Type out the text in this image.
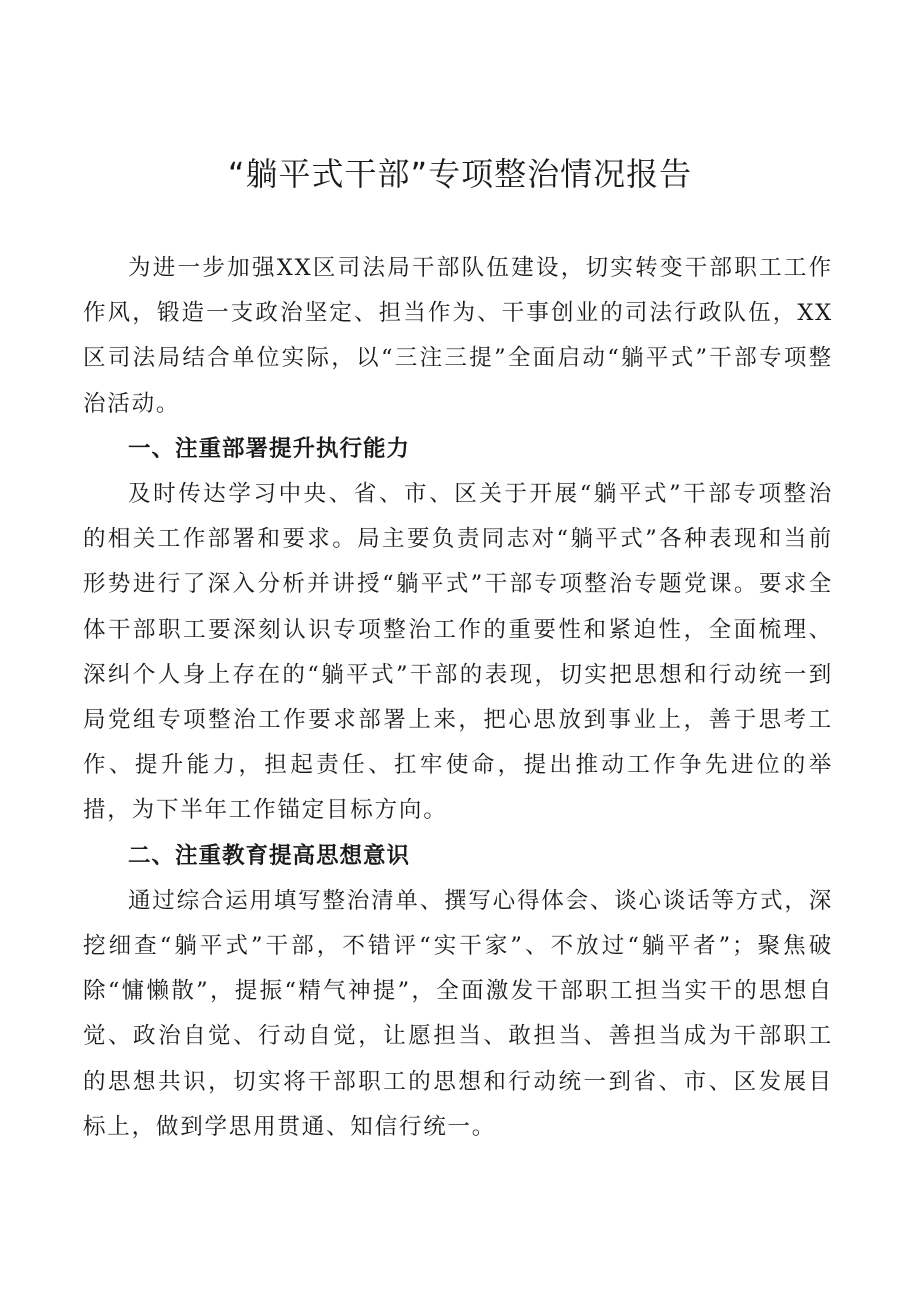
“躺平式干部”专项整治情况报告

为进一步加强XX区司法局干部队伍建设，切实转变干部职工工作作风，锻造一支政治坚定、担当作为、干事创业的司法行政队伍，XX区司法局结合单位实际，以“三注三提”全面启动“躺平式”干部专项整治活动。

一、注重部署提升执行能力

及时传达学习中央、省、市、区关于开展“躺平式”干部专项整治的相关工作部署和要求。局主要负责同志对“躺平式”各种表现和当前形势进行了深入分析并讲授“躺平式”干部专项整治专题党课。要求全体干部职工要深刻认识专项整治工作的重要性和紧迫性，全面梳理、深纠个人身上存在的“躺平式”干部的表现，切实把思想和行动统一到局党组专项整治工作要求部署上来，把心思放到事业上，善于思考工作、提升能力，担起责任、扛牢使命，提出推动工作争先进位的举措，为下半年工作锚定目标方向。

二、注重教育提高思想意识

通过综合运用填写整治清单、撰写心得体会、谈心谈话等方式，深挖细查“躺平式”干部，不错评“实干家”、不放过“躺平者”；聚焦破除“慵懒散”，提振“精气神提”，全面激发干部职工担当实干的思想自觉、政治自觉、行动自觉，让愿担当、敢担当、善担当成为干部职工的思想共识，切实将干部职工的思想和行动统一到省、市、区发展目标上，做到学思用贯通、知信行统一。
